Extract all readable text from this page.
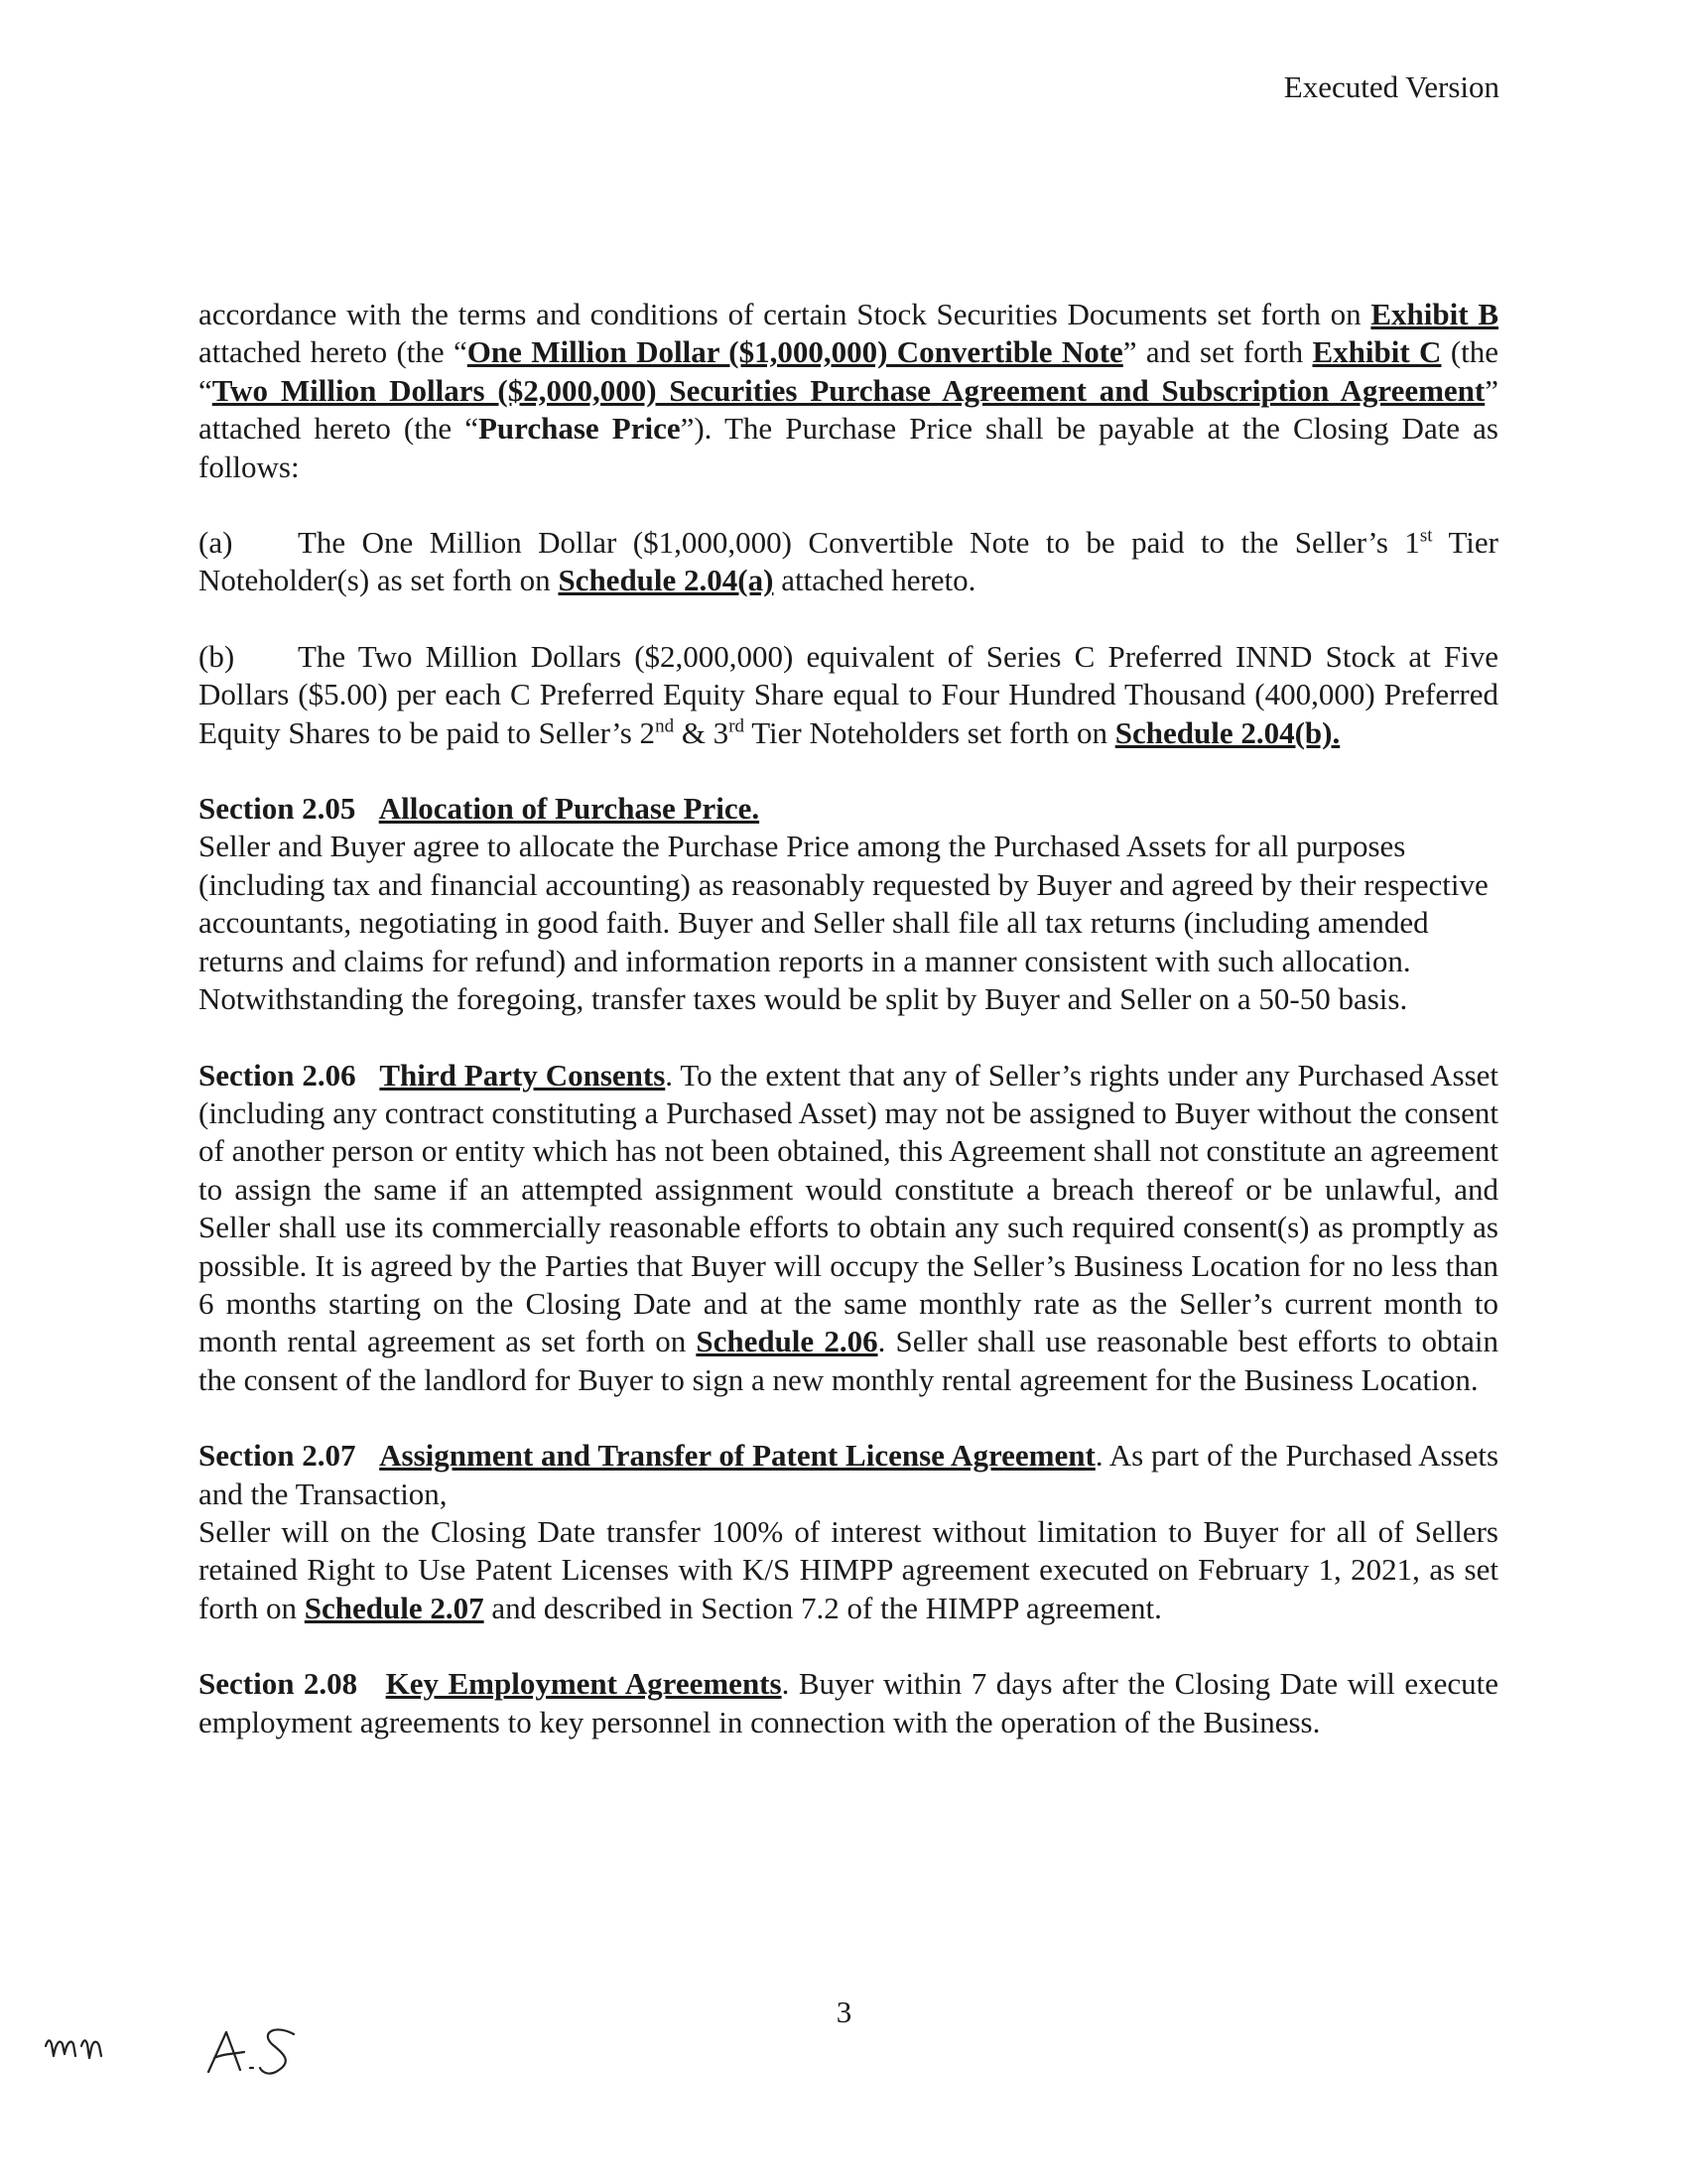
Executed Version

accordance with the terms and conditions of certain Stock Securities Documents set forth on Exhibit B attached hereto (the “One Million Dollar ($1,000,000) Convertible Note” and set forth Exhibit C (the “Two Million Dollars ($2,000,000) Securities Purchase Agreement and Subscription Agreement” attached hereto (the “Purchase Price”). The Purchase Price shall be payable at the Closing Date as follows:

(a) The One Million Dollar ($1,000,000) Convertible Note to be paid to the Seller’s 1st Tier Noteholder(s) as set forth on Schedule 2.04(a) attached hereto.

(b) The Two Million Dollars ($2,000,000) equivalent of Series C Preferred INND Stock at Five Dollars ($5.00) per each C Preferred Equity Share equal to Four Hundred Thousand (400,000) Preferred Equity Shares to be paid to Seller’s 2nd & 3rd Tier Noteholders set forth on Schedule 2.04(b).

Section 2.05 Allocation of Purchase Price.

Seller and Buyer agree to allocate the Purchase Price among the Purchased Assets for all purposes (including tax and financial accounting) as reasonably requested by Buyer and agreed by their respective accountants, negotiating in good faith. Buyer and Seller shall file all tax returns (including amended returns and claims for refund) and information reports in a manner consistent with such allocation. Notwithstanding the foregoing, transfer taxes would be split by Buyer and Seller on a 50-50 basis.

Section 2.06 Third Party Consents. To the extent that any of Seller’s rights under any Purchased Asset (including any contract constituting a Purchased Asset) may not be assigned to Buyer without the consent of another person or entity which has not been obtained, this Agreement shall not constitute an agreement to assign the same if an attempted assignment would constitute a breach thereof or be unlawful, and Seller shall use its commercially reasonable efforts to obtain any such required consent(s) as promptly as possible. It is agreed by the Parties that Buyer will occupy the Seller’s Business Location for no less than 6 months starting on the Closing Date and at the same monthly rate as the Seller’s current month to month rental agreement as set forth on Schedule 2.06. Seller shall use reasonable best efforts to obtain the consent of the landlord for Buyer to sign a new monthly rental agreement for the Business Location.

Section 2.07 Assignment and Transfer of Patent License Agreement. As part of the Purchased Assets and the Transaction,

Seller will on the Closing Date transfer 100% of interest without limitation to Buyer for all of Sellers retained Right to Use Patent Licenses with K/S HIMPP agreement executed on February 1, 2021, as set forth on Schedule 2.07 and described in Section 7.2 of the HIMPP agreement.

Section 2.08 Key Employment Agreements. Buyer within 7 days after the Closing Date will execute employment agreements to key personnel in connection with the operation of the Business.

3
